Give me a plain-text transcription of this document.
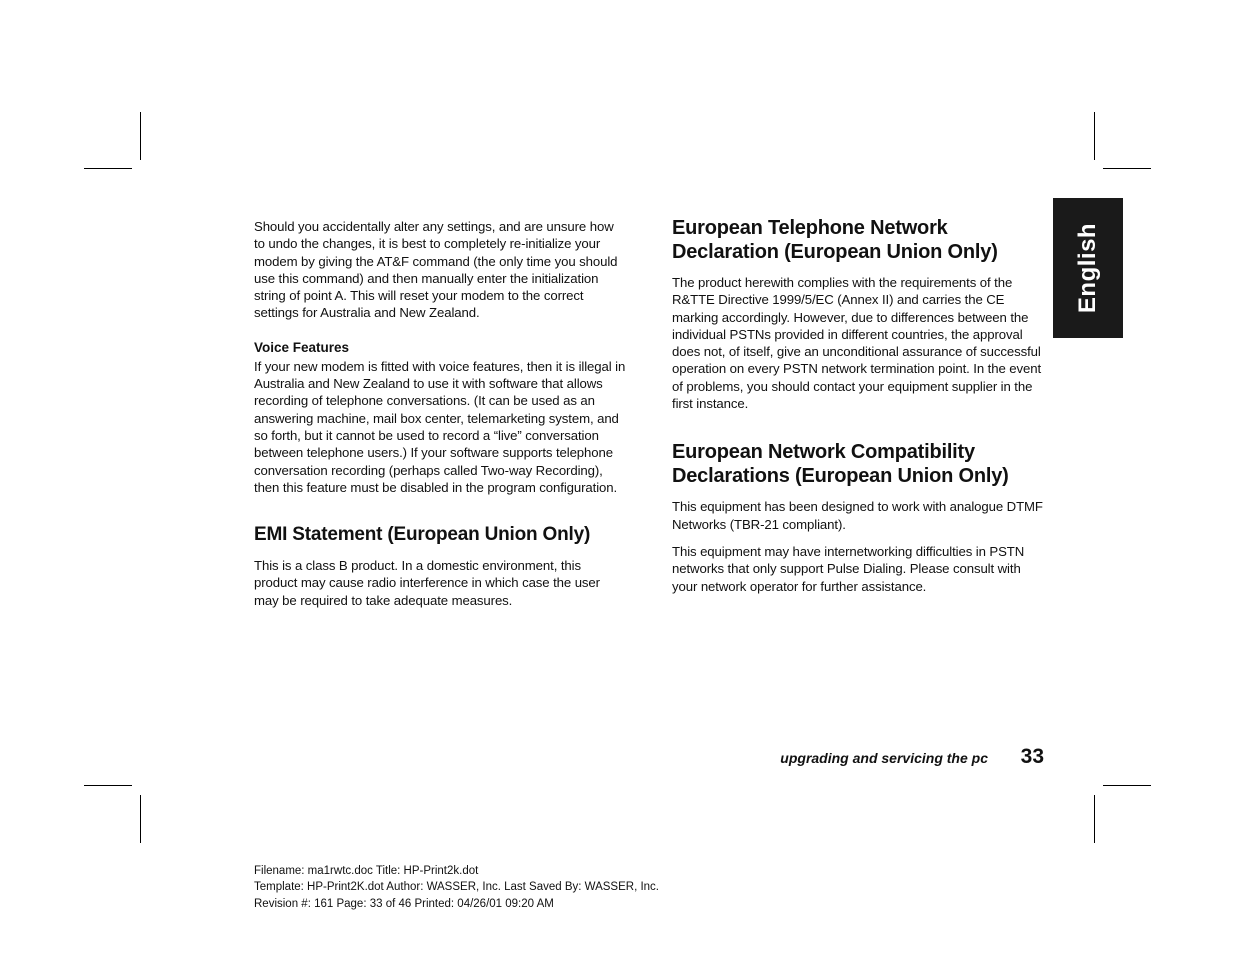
Should you accidentally alter any settings, and are unsure how to undo the changes, it is best to completely re-initialize your modem by giving the AT&F command (the only time you should use this command) and then manually enter the initialization string of point A. This will reset your modem to the correct settings for Australia and New Zealand.

Voice Features

If your new modem is fitted with voice features, then it is illegal in Australia and New Zealand to use it with software that allows recording of telephone conversations. (It can be used as an answering machine, mail box center, telemarketing system, and so forth, but it cannot be used to record a “live” conversation between telephone users.) If your software supports telephone conversation recording (perhaps called Two-way Recording), then this feature must be disabled in the program configuration.

EMI Statement (European Union Only)

This is a class B product. In a domestic environment, this product may cause radio interference in which case the user may be required to take adequate measures.

European Telephone Network Declaration (European Union Only)

The product herewith complies with the requirements of the R&TTE Directive 1999/5/EC (Annex II) and carries the CE marking accordingly. However, due to differences between the individual PSTNs provided in different countries, the approval does not, of itself, give an unconditional assurance of successful operation on every PSTN network termination point. In the event of problems, you should contact your equipment supplier in the first instance.

European Network Compatibility Declarations (European Union Only)

This equipment has been designed to work with analogue DTMF Networks (TBR-21 compliant).

This equipment may have internetworking difficulties in PSTN networks that only support Pulse Dialing. Please consult with your network operator for further assistance.

English
upgrading and servicing the pc	33
Filename: ma1rwtc.doc Title: HP-Print2k.dot
Template: HP-Print2K.dot Author: WASSER, Inc. Last Saved By: WASSER, Inc.
Revision #: 161 Page: 33 of 46 Printed: 04/26/01 09:20 AM
